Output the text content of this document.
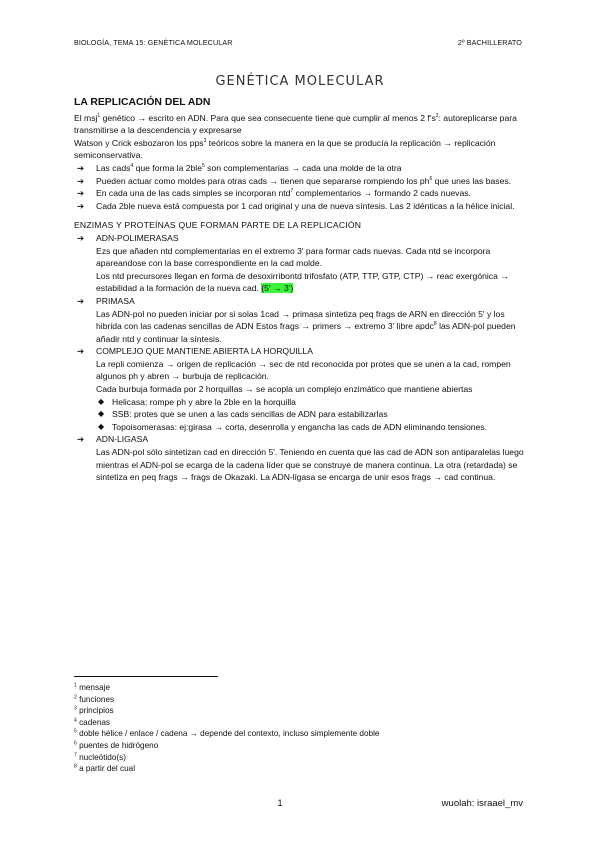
BIOLOGÍA, TEMA 15: GENÉTICA MOLECULAR	2º BACHILLERATO
GENÉTICA MOLECULAR
LA REPLICACIÓN DEL ADN

El msj$^1$ genético → escrito en ADN. Para que sea consecuente tiene que cumplir al menos 2 $f's^2$: autoreplicarse para transmitirse a la descendencia y expresarse

Watson y Crick esbozaron los pps$^3$ teóricos sobre la manera en la que se producía la replicación → replicación semiconservativa.

➔ Las cads$^4$ que forma la 2ble$^5$ son complementarias → cada una molde de la otra
➔ Pueden actuar como moldes para otras cads → tienen que separarse rompiendo los $ph^6$ que unes las bases.
➔ En cada una de las cads simples se incorporan ntd$^7$ complementarios → formando 2 cads nuevas.
➔ Cada 2ble nueva está compuesta por 1 cad original y una de nueva síntesis. Las 2 idénticas a la hélice inicial.
ENZIMAS Y PROTEÍNAS QUE FORMAN PARTE DE LA REPLICACIÓN
➔ ADN-POLIMERASAS

Ezs que añaden ntd complementarias en el extremo 3' para formar cads nuevas. Cada ntd se incorpora apareandose con la base correspondiente en la cad molde.

Los ntd precursores llegan en forma de desoxirribontd trifosfato (ATP, TTP, GTP, CTP) → reac exergónica → estabilidad a la formación de la nueva cad. (5' → 3')

➔ PRIMASA

Las ADN-pol no pueden iniciar por si solas 1cad → primasa sintetiza peq frags de ARN en dirección 5' y los hibrida con las cadenas sencillas de ADN Estos frags → primers → extremo 3' libre apdc$^8$ las ADN-pol pueden añadir ntd y continuar la síntesis.

➔ COMPLEJO QUE MANTIENE ABIERTA LA HORQUILLA

La repli comienza → origen de replicación → sec de ntd reconocida por protes que se unen a la cad, rompen algunos ph y abren → burbuja de replicación.

Cada burbuja formada por 2 horquillas → se acopla un complejo enzimático que mantiene abiertas

◆ Helicasa: rompe ph y abre la 2ble en la horquilla
◆ SSB: protes que se unen a las cads sencillas de ADN para estabilizarlas
◆ Topoisomerasas: ej:girasa → corta, desenrolla y engancha las cads de ADN eliminando tensiones.
➔ ADN-LIGASA

Las ADN-pol sólo sintetizan cad en dirección 5'. Teniendo en cuenta que las cad de ADN son antiparalelas luego mientras el ADN-pol se ecarga de la cadena líder que se construye de manera continua. La otra (retardada) se sintetiza en peq frags → frags de Okazaki. La ADN-ligasa se encarga de unir esos frags → cad continua.

$^1$ mensaje
$^2$ funciones
$^3$ principios
$^4$ cadenas
$^5$ doble hélice / enlace / cadena → depende del contexto, incluso simplemente doble
$^6$ puentes de hidrógeno
$^7$ nucleótido(s)
$^8$ a partir del cual
1	wuolah: israael_mv
